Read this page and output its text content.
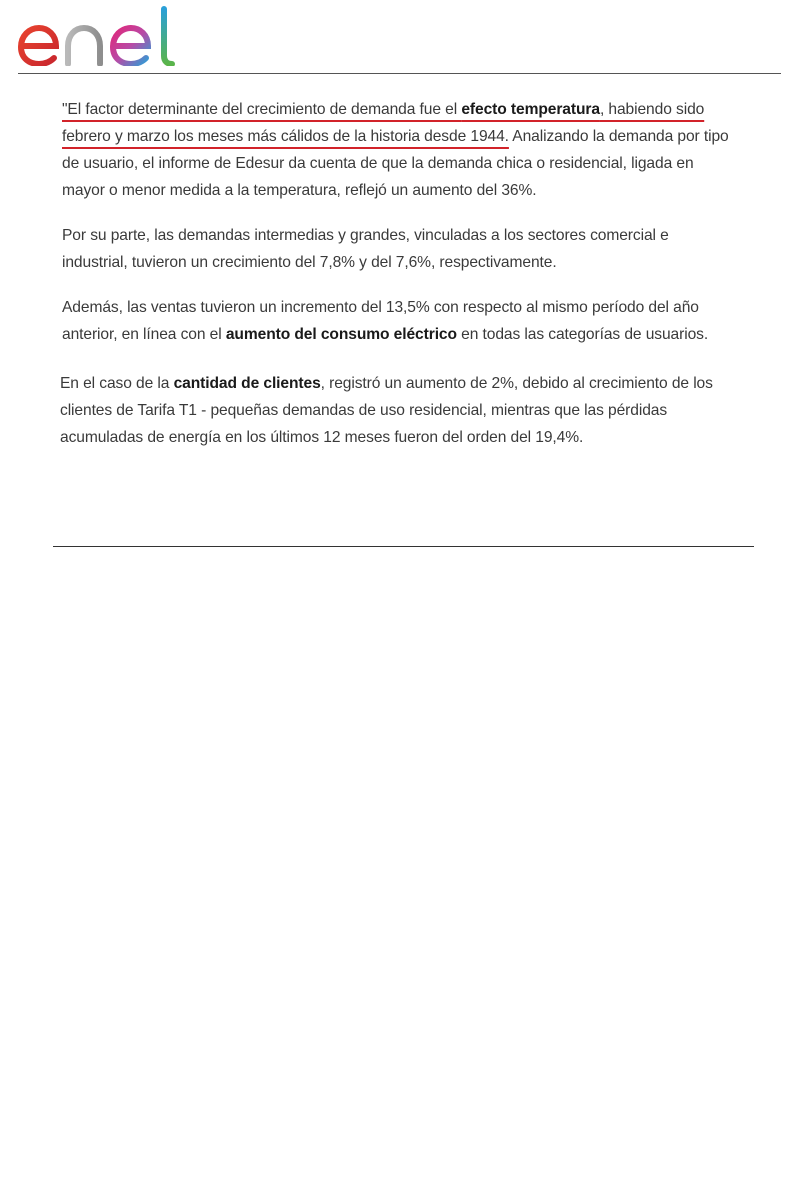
"El factor determinante del crecimiento de demanda fue el efecto temperatura, habiendo sido febrero y marzo los meses más cálidos de la historia desde 1944. Analizando la demanda por tipo de usuario, el informe de Edesur da cuenta de que la demanda chica o residencial, ligada en mayor o menor medida a la temperatura, reflejó un aumento del 36%.

Por su parte, las demandas intermedias y grandes, vinculadas a los sectores comercial e industrial, tuvieron un crecimiento del 7,8% y del 7,6%, respectivamente.

Además, las ventas tuvieron un incremento del 13,5% con respecto al mismo período del año anterior, en línea con el aumento del consumo eléctrico en todas las categorías de usuarios.

En el caso de la cantidad de clientes, registró un aumento de 2%, debido al crecimiento de los clientes de Tarifa T1 - pequeñas demandas de uso residencial, mientras que las pérdidas acumuladas de energía en los últimos 12 meses fueron del orden del 19,4%.
